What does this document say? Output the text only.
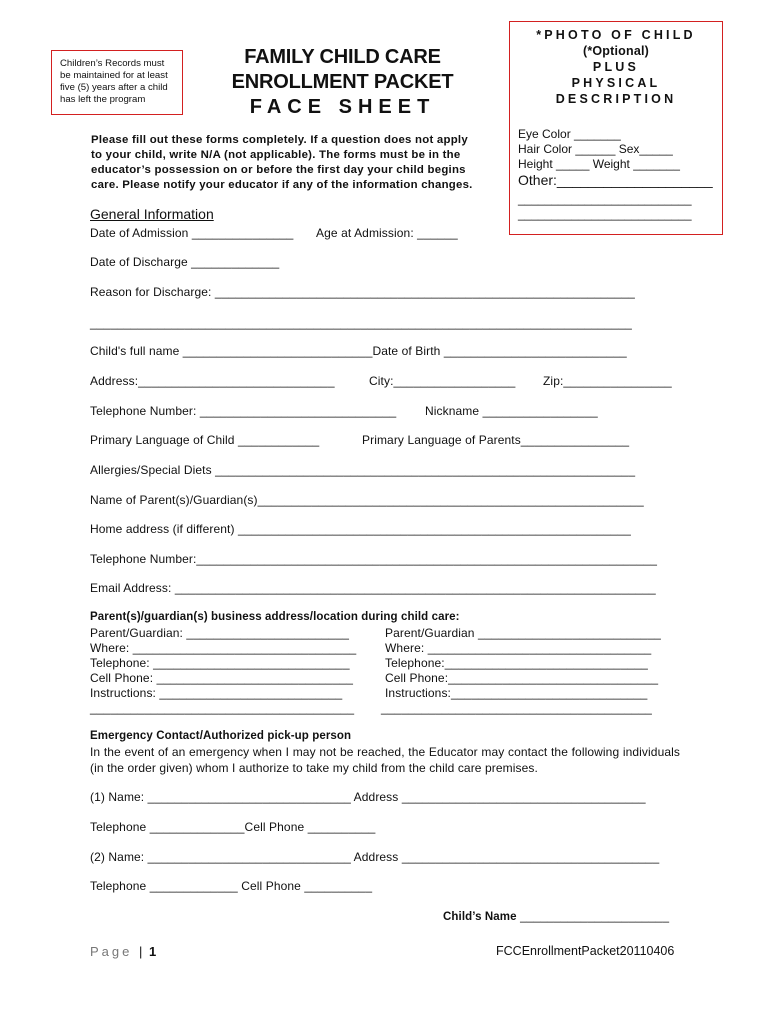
Children’s Records must
be maintained for at least
five (5) years after a child
has left the program
FAMILY CHILD CARE
ENROLLMENT PACKET
FACE SHEET
*PHOTO OF CHILD
(*Optional)
PLUS
PHYSICAL
DESCRIPTION
Eye Color _______
Hair Color ______ Sex_____
Height _____ Weight _______
Other:____________________
__________________________
__________________________
Please fill out these forms completely. If a question does not apply
to your child, write N/A (not applicable). The forms must be in the
educator’s possession on or before the first day your child begins
care. Please notify your educator if any of the information changes.
General Information
Date of Admission _______________ Age at Admission: ______
Date of Discharge _____________
Reason for Discharge: ______________________________________________________________
________________________________________________________________________________
Child's full name ____________________________Date of Birth ___________________________
Address:_____________________________	City:__________________ Zip:________________
Telephone Number: _____________________________ Nickname _________________
Primary Language of Child ____________	Primary Language of Parents________________
Allergies/Special Diets ______________________________________________________________
Name of Parent(s)/Guardian(s)_________________________________________________________
Home address (if different) __________________________________________________________
Telephone Number:____________________________________________________________________
Email Address: _______________________________________________________________________
Parent(s)/guardian(s) business address/location during child care:
Parent/Guardian: ________________________
Where: _________________________________
Telephone: _____________________________
Cell Phone: _____________________________
Instructions: ___________________________
_______________________________________
Parent/Guardian ___________________________
Where: _________________________________
Telephone:______________________________
Cell Phone:_______________________________
Instructions:_____________________________
________________________________________
Emergency Contact/Authorized pick-up person
In the event of an emergency when I may not be reached, the Educator may contact the following individuals (in the order given) whom I authorize to take my child from the child care premises.
(1) Name: ______________________________ Address ____________________________________
Telephone ______________Cell Phone __________
(2) Name: ______________________________ Address ______________________________________
Telephone _____________ Cell Phone __________
Child’s Name ______________________
Page | 1	FCCEnrollmentPacket20110406
